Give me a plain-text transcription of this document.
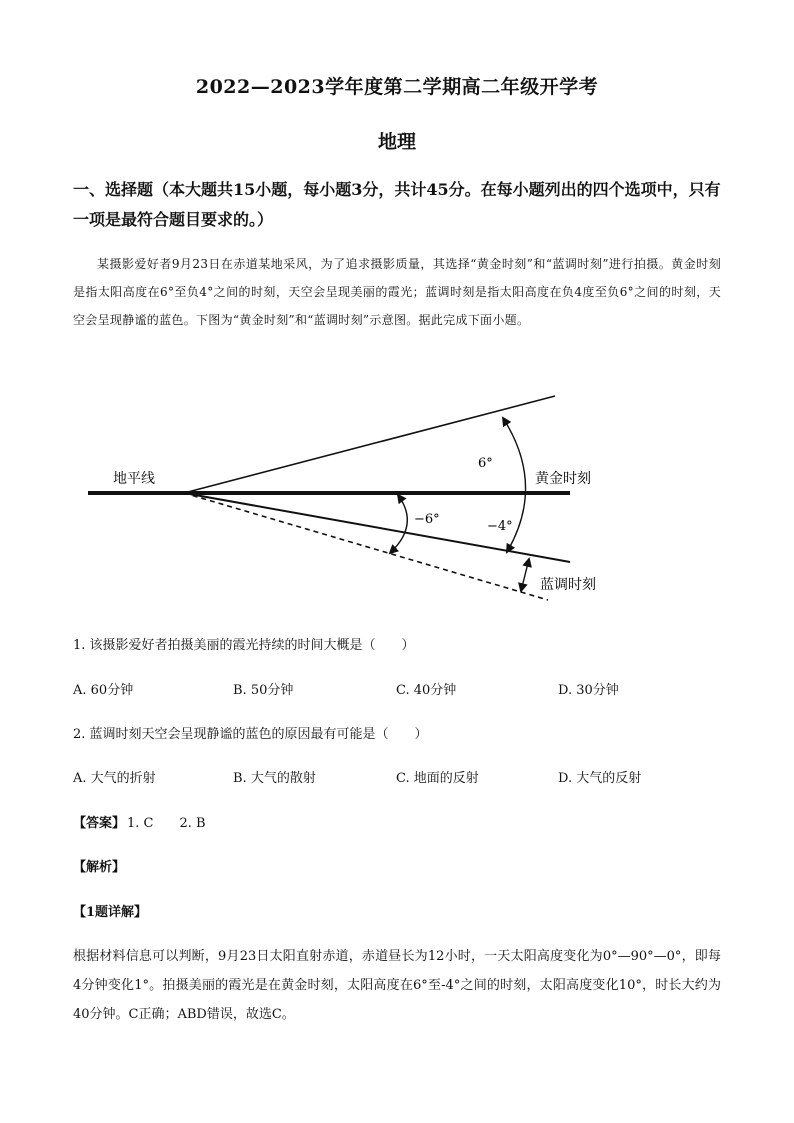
2022—2023学年度第二学期高二年级开学考
地理
一、选择题（本大题共15小题，每小题3分，共计45分。在每小题列出的四个选项中，只有一项是最符合题目要求的。）
某摄影爱好者9月23日在赤道某地采风，为了追求摄影质量，其选择“黄金时刻”和“蓝调时刻”进行拍摄。黄金时刻是指太阳高度在6°至负4°之间的时刻，天空会呈现美丽的霞光；蓝调时刻是指太阳高度在负4度至负6°之间的时刻，天空会呈现静谧的蓝色。下图为“黄金时刻”和“蓝调时刻”示意图。据此完成下面小题。
地平线	黄金时刻
蓝调时刻
6°
−4°
−6°
1. 该摄影爱好者拍摄美丽的霞光持续的时间大概是（　　）
A. 60分钟	B. 50分钟	C. 40分钟	D. 30分钟
2. 蓝调时刻天空会呈现静谧的蓝色的原因最有可能是（　　）
A. 大气的折射	B. 大气的散射	C. 地面的反射	D. 大气的反射
【答案】 1. C 2. B
【解析】
【1题详解】
根据材料信息可以判断，9月23日太阳直射赤道，赤道昼长为12小时，一天太阳高度变化为0°—90°—0°，即每4分钟变化1°。拍摄美丽的霞光是在黄金时刻，太阳高度在6°至-4°之间的时刻，太阳高度变化10°，时长大约为40分钟。C正确；ABD错误，故选C。
